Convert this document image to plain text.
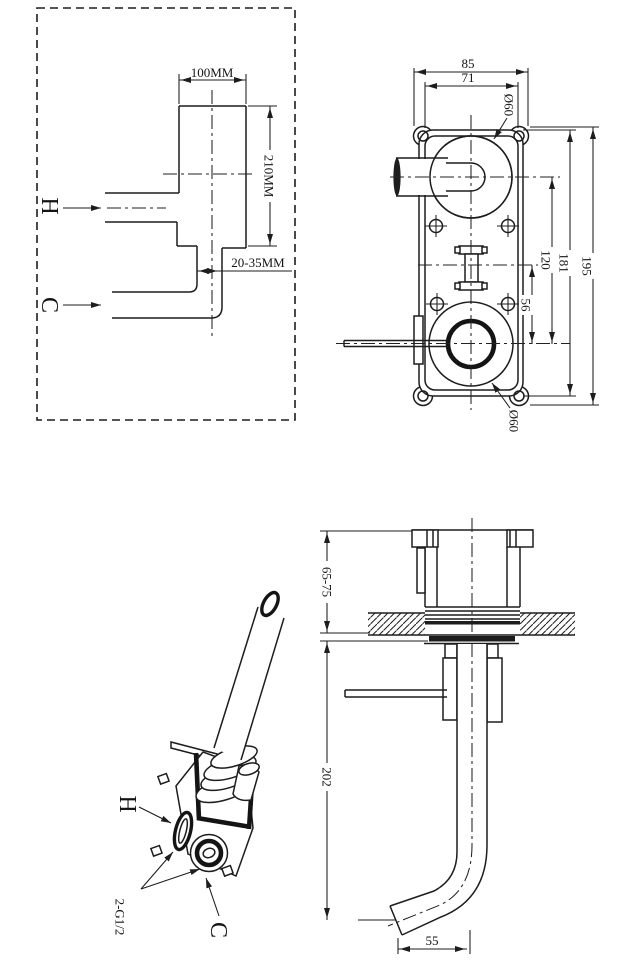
100MM
210MM
20-35MM
H
C
85
71
Ø60
Ø60
120 181 195
56
H
C
2-G1/2
65-75
202
55
